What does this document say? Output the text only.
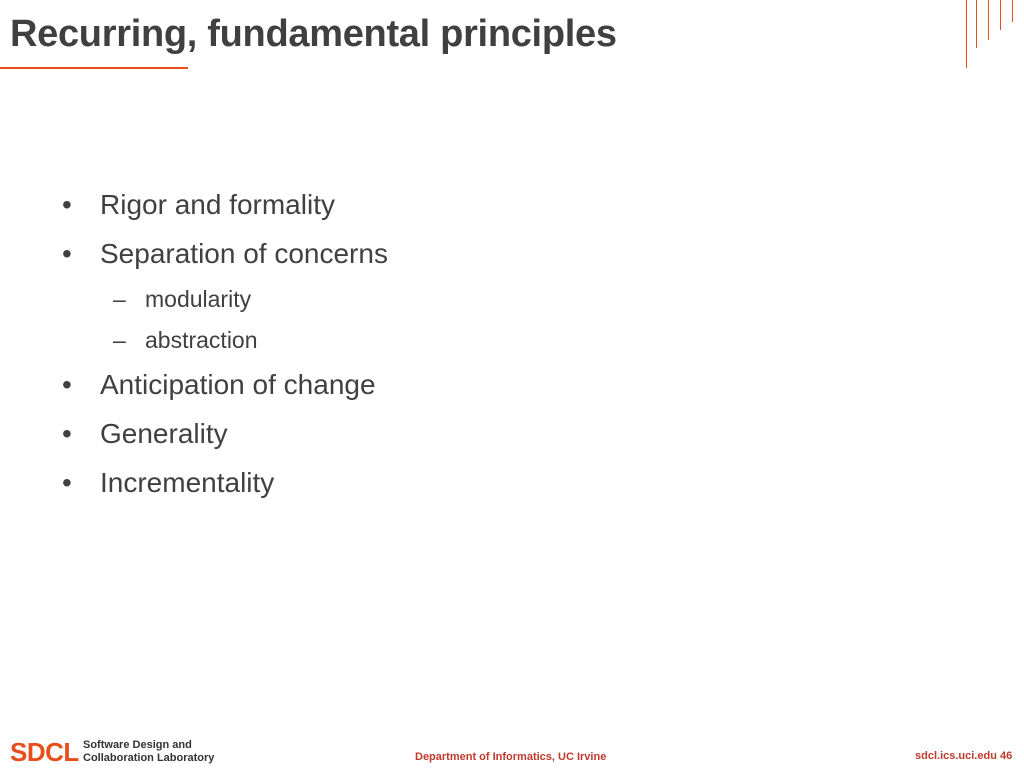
Recurring, fundamental principles
• Rigor and formality
• Separation of concerns
– modularity
– abstraction
• Anticipation of change
• Generality
• Incrementality
SDCL Software Design and
Collaboration Laboratory	Department of Informatics, UC Irvine	sdcl.ics.uci.edu 46
